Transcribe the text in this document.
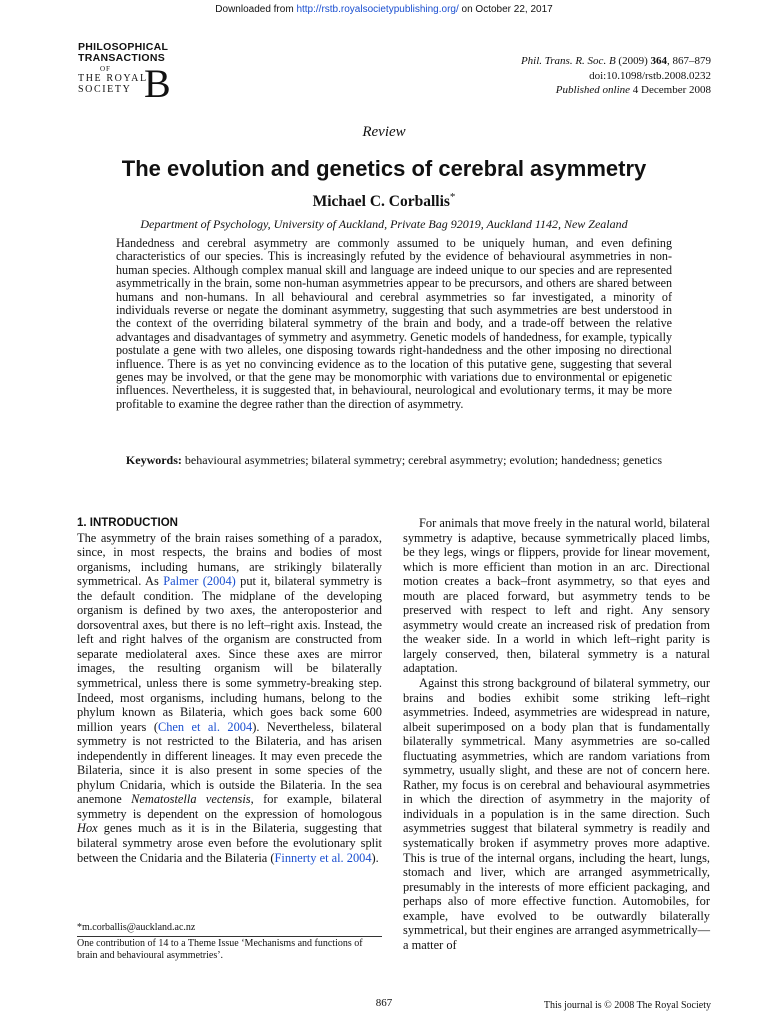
Downloaded from http://rstb.royalsocietypublishing.org/ on October 22, 2017
PHILOSOPHICAL
TRANSACTIONS
OF
THE ROYAL
SOCIETY B	Phil. Trans. R. Soc. B (2009) 364, 867–879
doi:10.1098/rstb.2008.0232
Published online 4 December 2008
Review
The evolution and genetics of cerebral asymmetry
Michael C. Corballis*
Department of Psychology, University of Auckland, Private Bag 92019, Auckland 1142, New Zealand
Handedness and cerebral asymmetry are commonly assumed to be uniquely human, and even defining characteristics of our species. This is increasingly refuted by the evidence of behavioural asymmetries in non-human species. Although complex manual skill and language are indeed unique to our species and are represented asymmetrically in the brain, some non-human asymmetries appear to be precursors, and others are shared between humans and non-humans. In all behavioural and cerebral asymmetries so far investigated, a minority of individuals reverse or negate the dominant asymmetry, suggesting that such asymmetries are best understood in the context of the overriding bilateral symmetry of the brain and body, and a trade-off between the relative advantages and disadvantages of symmetry and asymmetry. Genetic models of handedness, for example, typically postulate a gene with two alleles, one disposing towards right-handedness and the other imposing no directional influence. There is as yet no convincing evidence as to the location of this putative gene, suggesting that several genes may be involved, or that the gene may be monomorphic with variations due to environmental or epigenetic influences. Nevertheless, it is suggested that, in behavioural, neurological and evolutionary terms, it may be more profitable to examine the degree rather than the direction of asymmetry.
Keywords: behavioural asymmetries; bilateral symmetry; cerebral asymmetry; evolution; handedness; genetics
1. INTRODUCTION

The asymmetry of the brain raises something of a paradox, since, in most respects, the brains and bodies of most organisms, including humans, are strikingly bilaterally symmetrical. As Palmer (2004) put it, bilateral symmetry is the default condition. The midplane of the developing organism is defined by two axes, the anteroposterior and dorsoventral axes, but there is no left–right axis. Instead, the left and right halves of the organism are constructed from separate mediolateral axes. Since these axes are mirror images, the resulting organism will be bilaterally symmetrical, unless there is some symmetry-breaking step. Indeed, most organisms, including humans, belong to the phylum known as Bilateria, which goes back some 600 million years (Chen et al. 2004). Nevertheless, bilateral symmetry is not restricted to the Bilateria, and has arisen independently in different lineages. It may even precede the Bilateria, since it is also present in some species of the phylum Cnidaria, which is outside the Bilateria. In the sea anemone Nematostella vectensis, for example, bilateral symmetry is dependent on the expression of homologous Hox genes much as it is in the Bilateria, suggesting that bilateral symmetry arose even before the evolutionary split between the Cnidaria and the Bilateria (Finnerty et al. 2004).

For animals that move freely in the natural world, bilateral symmetry is adaptive, because symmetrically placed limbs, be they legs, wings or flippers, provide for linear movement, which is more efficient than motion in an arc. Directional motion creates a back–front asymmetry, so that eyes and mouth are placed forward, but asymmetry tends to be preserved with respect to left and right. Any sensory asymmetry would create an increased risk of predation from the weaker side. In a world in which left–right parity is largely conserved, then, bilateral symmetry is a natural adaptation.

Against this strong background of bilateral symmetry, our brains and bodies exhibit some striking left–right asymmetries. Indeed, asymmetries are widespread in nature, albeit superimposed on a body plan that is fundamentally bilaterally symmetrical. Many asymmetries are so-called fluctuating asymmetries, which are random variations from symmetry, usually slight, and these are not of concern here. Rather, my focus is on cerebral and behavioural asymmetries in which the direction of asymmetry in the majority of individuals in a population is in the same direction. Such asymmetries suggest that bilateral symmetry is readily and systematically broken if asymmetry proves more adaptive. This is true of the internal organs, including the heart, lungs, stomach and liver, which are arranged asymmetrically, presumably in the interests of more efficient packaging, and perhaps also of more effective function. Automobiles, for example, have evolved to be outwardly bilaterally symmetrical, but their engines are arranged asymmetrically—a matter of

*m.corballis@auckland.ac.nz
One contribution of 14 to a Theme Issue ‘Mechanisms and functions of brain and behavioural asymmetries’.
867	This journal is © 2008 The Royal Society
